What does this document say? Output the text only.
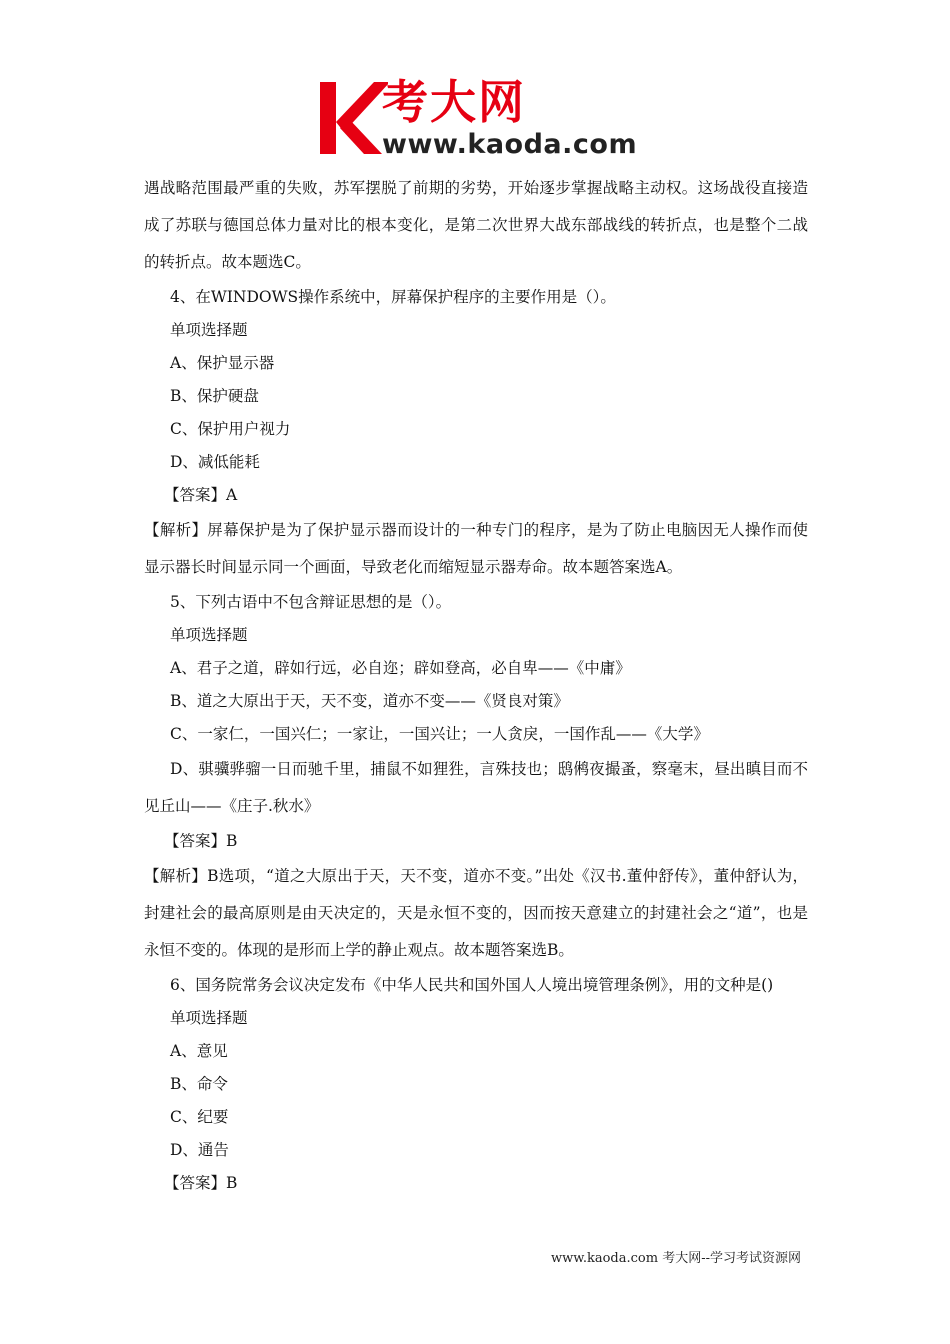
考大网
www.kaoda.com
遇战略范围最严重的失败，苏军摆脱了前期的劣势，开始逐步掌握战略主动权。这场战役直接造成了苏联与德国总体力量对比的根本变化，是第二次世界大战东部战线的转折点，也是整个二战的转折点。故本题选C。
4、在WINDOWS操作系统中，屏幕保护程序的主要作用是（）。
单项选择题
A、保护显示器
B、保护硬盘
C、保护用户视力
D、减低能耗
【答案】A
【解析】屏幕保护是为了保护显示器而设计的一种专门的程序，是为了防止电脑因无人操作而使显示器长时间显示同一个画面，导致老化而缩短显示器寿命。故本题答案选A。
5、下列古语中不包含辩证思想的是（）。
单项选择题
A、君子之道，辟如行远，必自迩；辟如登高，必自卑——《中庸》
B、道之大原出于天，天不变，道亦不变——《贤良对策》
C、一家仁，一国兴仁；一家让，一国兴让；一人贪戾，一国作乱——《大学》
D、骐骥骅骝一日而驰千里，捕鼠不如狸狌，言殊技也；鸱鸺夜撮蚤，察毫末，昼出瞋目而不见丘山——《庄子.秋水》
【答案】B
【解析】B选项，“道之大原出于天，天不变，道亦不变。”出处《汉书.董仲舒传》，董仲舒认为，封建社会的最高原则是由天决定的，天是永恒不变的，因而按天意建立的封建社会之“道”，也是永恒不变的。体现的是形而上学的静止观点。故本题答案选B。
6、国务院常务会议决定发布《中华人民共和国外国人人境出境管理条例》，用的文种是()
单项选择题
A、意见
B、命令
C、纪要
D、通告
【答案】B
www.kaoda.com 考大网--学习考试资源网
